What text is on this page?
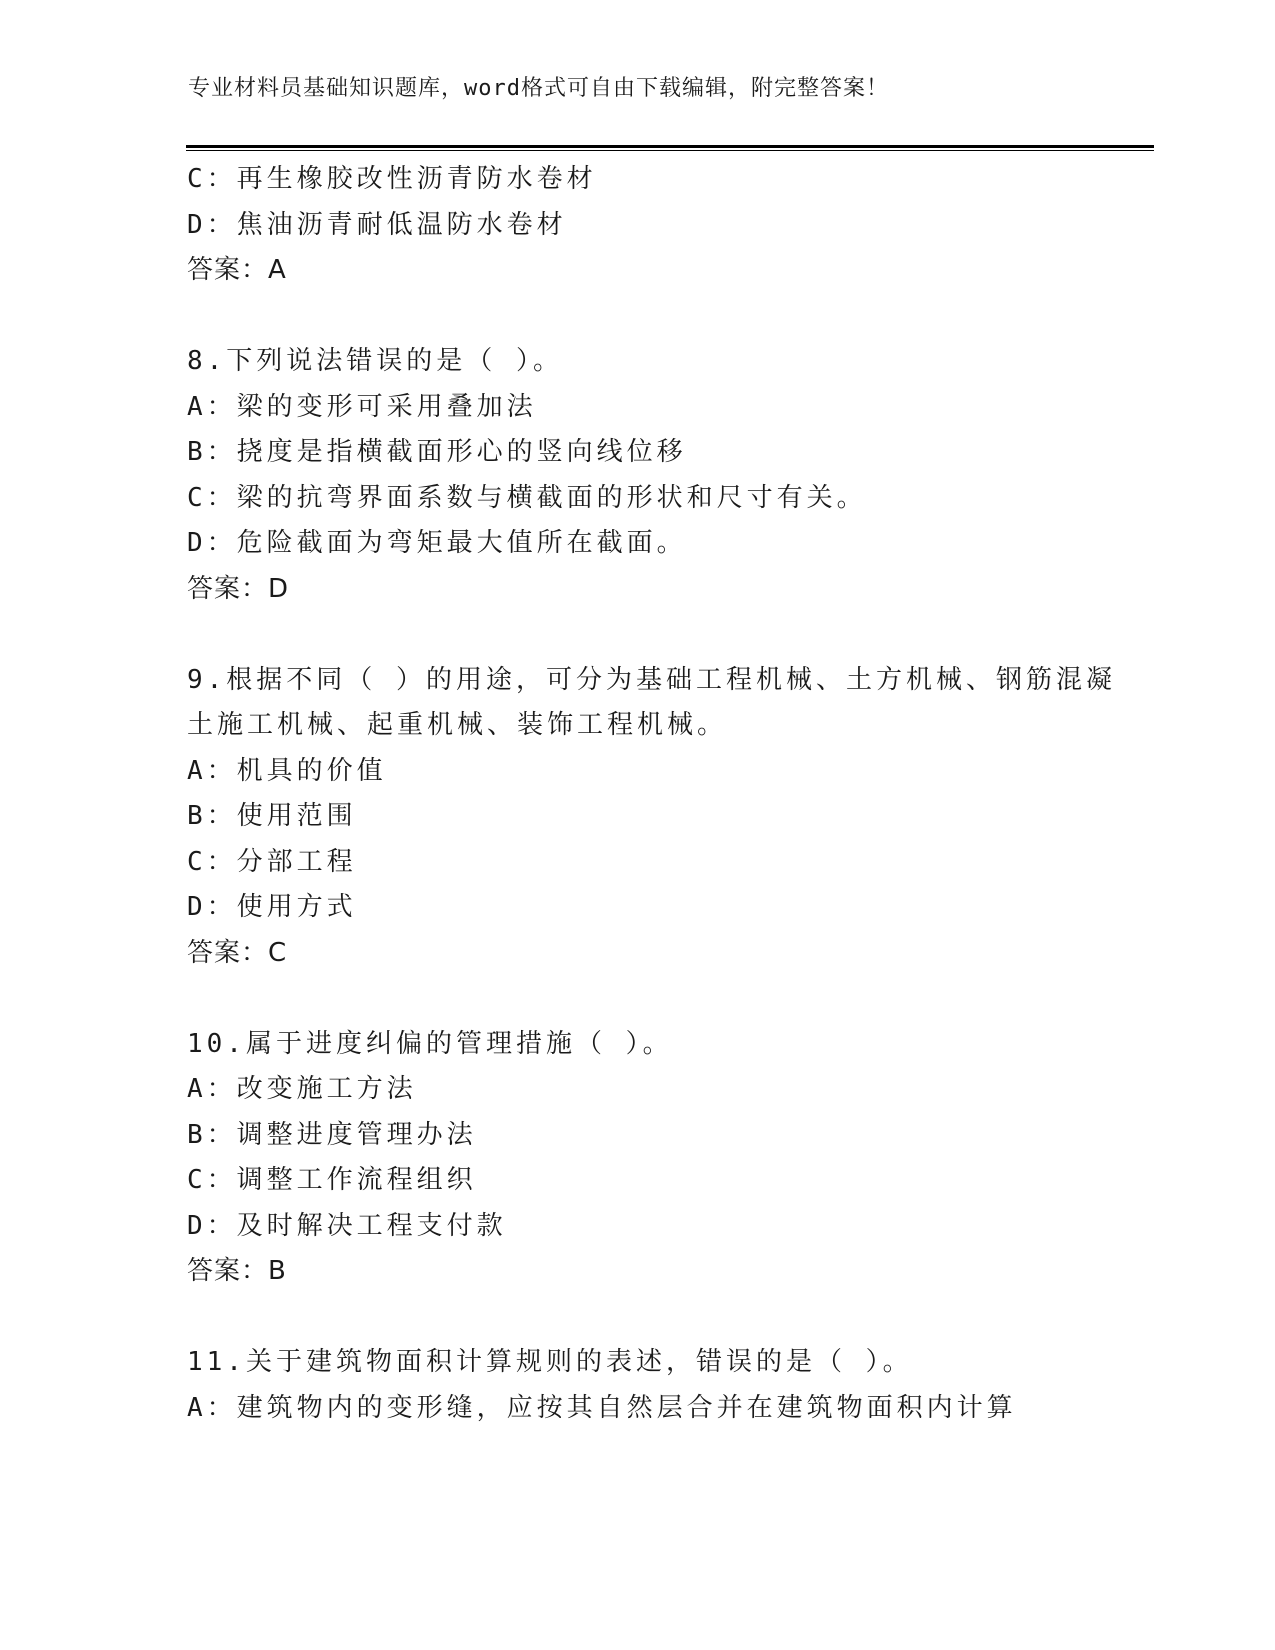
专业材料员基础知识题库，word格式可自由下载编辑，附完整答案！
C：再生橡胶改性沥青防水卷材
D：焦油沥青耐低温防水卷材
答案：A
8.下列说法错误的是（ ）。
A：梁的变形可采用叠加法
B：挠度是指横截面形心的竖向线位移
C：梁的抗弯界面系数与横截面的形状和尺寸有关。
D：危险截面为弯矩最大值所在截面。
答案：D
9.根据不同（ ）的用途，可分为基础工程机械、土方机械、钢筋混凝
土施工机械、起重机械、装饰工程机械。
A：机具的价值
B：使用范围
C：分部工程
D：使用方式
答案：C
10.属于进度纠偏的管理措施（ ）。
A：改变施工方法
B：调整进度管理办法
C：调整工作流程组织
D：及时解决工程支付款
答案：B
11.关于建筑物面积计算规则的表述，错误的是（ ）。
A：建筑物内的变形缝，应按其自然层合并在建筑物面积内计算
